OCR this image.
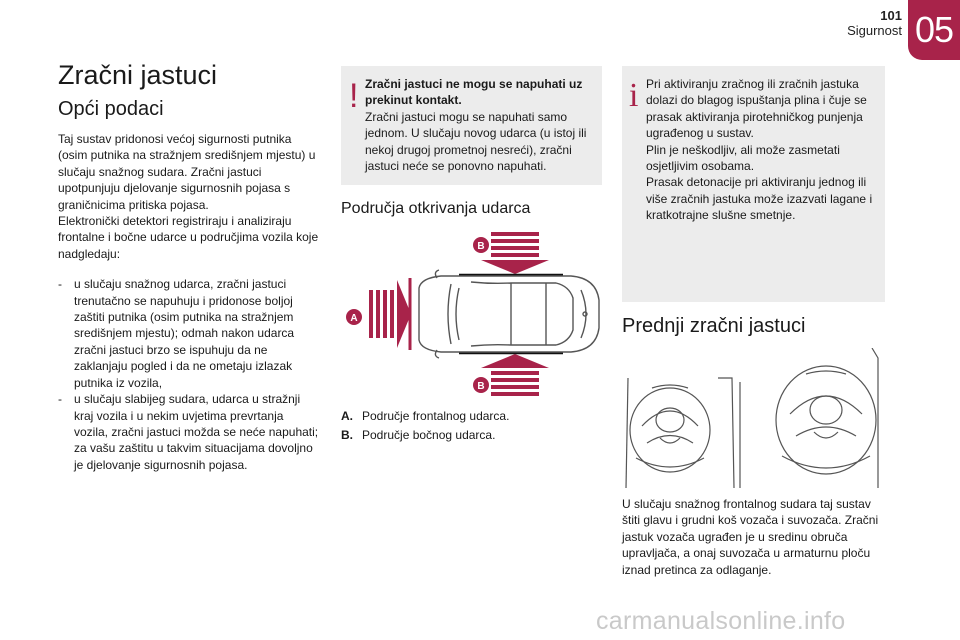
101
Sigurnost 05
Zračni jastuci
Opći podaci

Taj sustav pridonosi većoj sigurnosti putnika (osim putnika na stražnjem središnjem mjestu) u slučaju snažnog sudara. Zračni jastuci upotpunjuju djelovanje sigurnosnih pojasa s graničnicima pritiska pojasa.

Elektronički detektori registriraju i analiziraju frontalne i bočne udarce u područjima vozila koje nadgledaju:

- u slučaju snažnog udarca, zračni jastuci trenutačno se napuhuju i pridonose boljoj zaštiti putnika (osim putnika na stražnjem središnjem mjestu); odmah nakon udarca zračni jastuci brzo se ispuhuju da ne zaklanjaju pogled i da ne ometaju izlazak putnika iz vozila,
- u slučaju slabijeg sudara, udarca u stražnji kraj vozila i u nekim uvjetima prevrtanja vozila, zračni jastuci možda se neće napuhati; za vašu zaštitu u takvim situacijama dovoljno je djelovanje sigurnosnih pojasa.
! Zračni jastuci ne mogu se napuhati uz prekinut kontakt.
Zračni jastuci mogu se napuhati samo jednom. U slučaju novog udarca (u istoj ili nekoj drugoj prometnoj nesreći), zračni jastuci neće se ponovno napuhati.
Područja otkrivanja udarca
B
A
B
A. Područje frontalnog udarca.
B. Područje bočnog udarca.
i Pri aktiviranju zračnog ili zračnih jastuka dolazi do blagog ispuštanja plina i čuje se prasak aktiviranja pirotehničkog punjenja ugrađenog u sustav.
Plin je neškodljiv, ali može zasmetati osjetljivim osobama.
Prasak detonacije pri aktiviranju jednog ili više zračnih jastuka može izazvati lagane i kratkotrajne slušne smetnje.
Prednji zračni jastuci
U slučaju snažnog frontalnog sudara taj sustav štiti glavu i grudni koš vozača i suvozača. Zračni jastuk vozača ugrađen je u sredinu obruča upravljača, a onaj suvozača u armaturnu ploču iznad pretinca za odlaganje.
carmanualsonline.info
